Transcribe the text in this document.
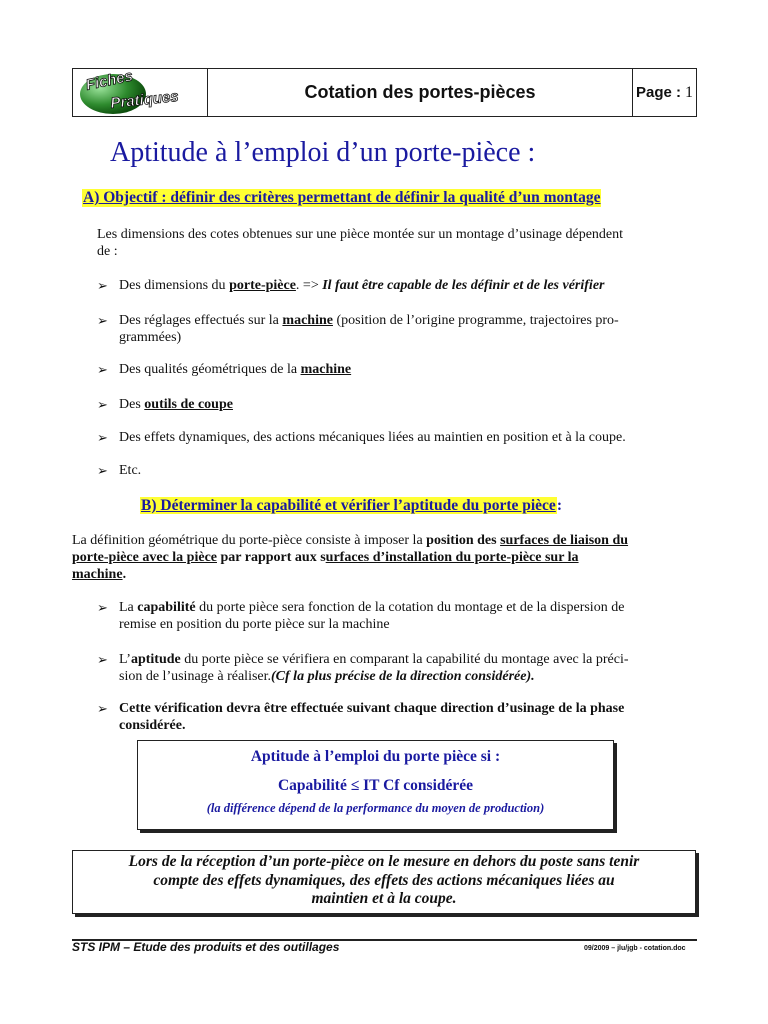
Fiches
Pratiques	Cotation des portes-pièces	Page : 1
Aptitude à l’emploi d’un porte-pièce :
A) Objectif : définir des critères permettant de définir la qualité d’un montage
Les dimensions des cotes obtenues sur une pièce montée sur un montage d’usinage dépendent
de :
➢ Des dimensions du porte-pièce. => Il faut être capable de les définir et de les vérifier
➢ Des réglages effectués sur la machine (position de l’origine programme, trajectoires pro-
grammées)
➢ Des qualités géométriques de la machine
➢ Des outils de coupe
➢ Des effets dynamiques, des actions mécaniques liées au maintien en position et à la coupe.
➢ Etc.
B) Déterminer la capabilité et vérifier l’aptitude du porte pièce:
La définition géométrique du porte-pièce consiste à imposer la position des surfaces de liaison du
porte-pièce avec la pièce par rapport aux surfaces d’installation du porte-pièce sur la
machine.
➢ La capabilité du porte pièce sera fonction de la cotation du montage et de la dispersion de
remise en position du porte pièce sur la machine
➢ L’aptitude du porte pièce se vérifiera en comparant la capabilité du montage avec la préci-
sion de l’usinage à réaliser.(Cf la plus précise de la direction considérée).
➢ Cette vérification devra être effectuée suivant chaque direction d’usinage de la phase
considérée.
Aptitude à l’emploi du porte pièce si :
Capabilité ≤ IT Cf considérée
(la différence dépend de la performance du moyen de production)
Lors de la réception d’un porte-pièce on le mesure en dehors du poste sans tenir
compte des effets dynamiques, des effets des actions mécaniques liées au
maintien et à la coupe.
STS IPM – Etude des produits et des outillages	09/2009 – jlu/jgb - cotation.doc
